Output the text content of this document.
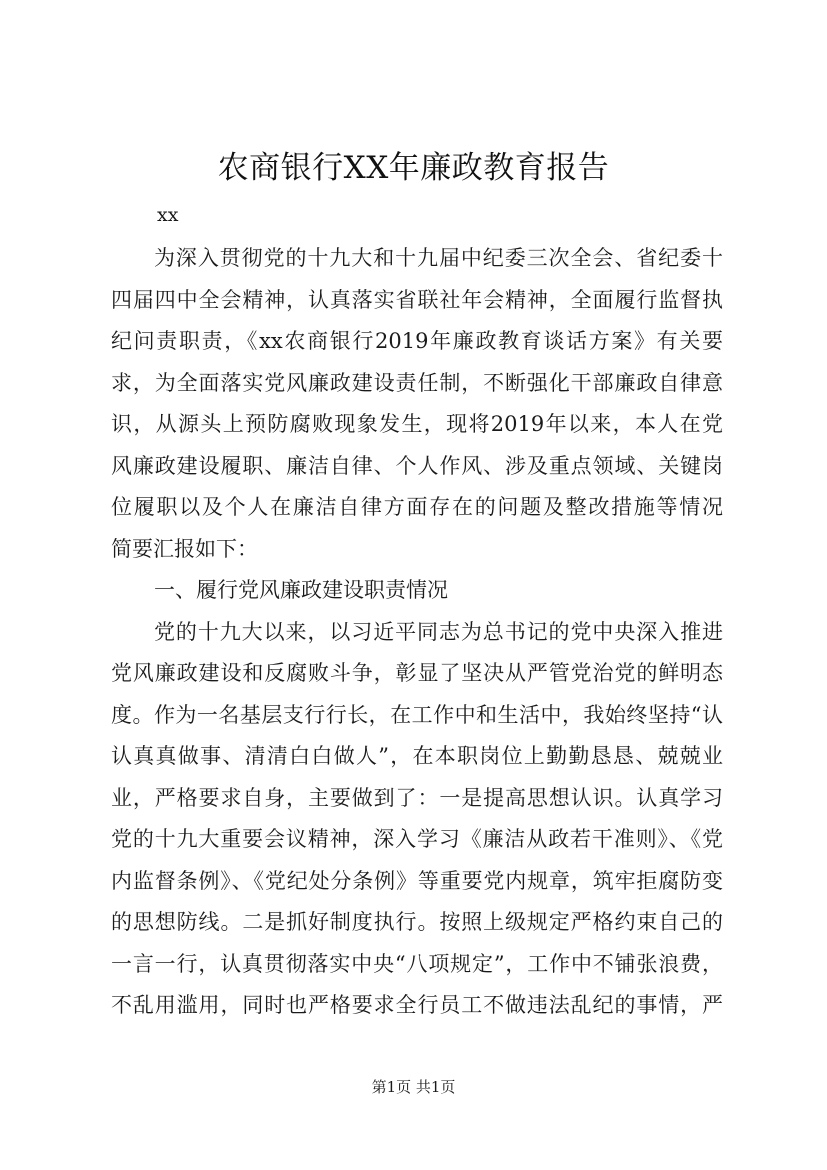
农商银行XX年廉政教育报告
xx
为深入贯彻党的十九大和十九届中纪委三次全会、省纪委十
四届四中全会精神，认真落实省联社年会精神，全面履行监督执
纪问责职责，《xx农商银行2019年廉政教育谈话方案》有关要
求，为全面落实党风廉政建设责任制，不断强化干部廉政自律意
识，从源头上预防腐败现象发生，现将2019年以来，本人在党
风廉政建设履职、廉洁自律、个人作风、涉及重点领域、关键岗
位履职以及个人在廉洁自律方面存在的问题及整改措施等情况
简要汇报如下：
一、履行党风廉政建设职责情况
党的十九大以来，以习近平同志为总书记的党中央深入推进
党风廉政建设和反腐败斗争，彰显了坚决从严管党治党的鲜明态
度。作为一名基层支行行长，在工作中和生活中，我始终坚持“认
认真真做事、清清白白做人”，在本职岗位上勤勤恳恳、兢兢业
业，严格要求自身，主要做到了：一是提高思想认识。认真学习
党的十九大重要会议精神，深入学习《廉洁从政若干准则》、《党
内监督条例》、《党纪处分条例》等重要党内规章，筑牢拒腐防变
的思想防线。二是抓好制度执行。按照上级规定严格约束自己的
一言一行，认真贯彻落实中央“八项规定”，工作中不铺张浪费，
不乱用滥用，同时也严格要求全行员工不做违法乱纪的事情，严
第1页 共1页
